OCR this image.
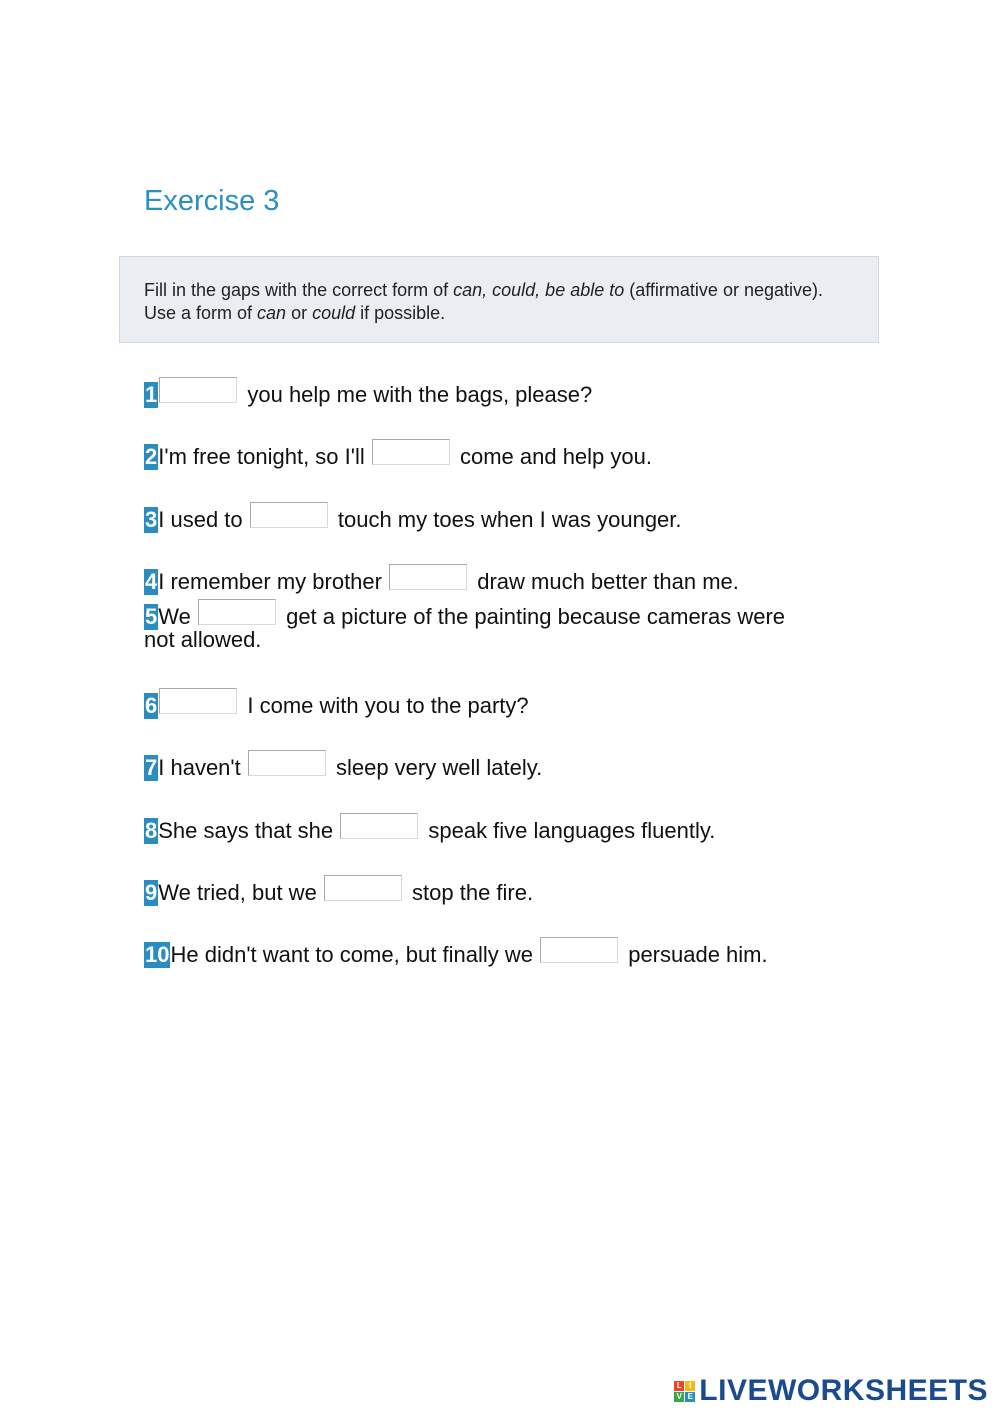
Exercise 3
Fill in the gaps with the correct form of can, could, be able to (affirmative or negative). Use a form of can or could if possible.
1	you help me with the bags, please?
2I'm free tonight, so I'll	come and help you.
3I used to	touch my toes when I was younger.
4I remember my brother	draw much better than me.
5We	get a picture of the painting because cameras were
not allowed.
6	I come with you to the party?
7I haven't	sleep very well lately.
8She says that she	speak five languages fluently.
9We tried, but we	stop the fire.
10He didn't want to come, but finally we	persuade him.
L I
V E LIVEWORKSHEETS
